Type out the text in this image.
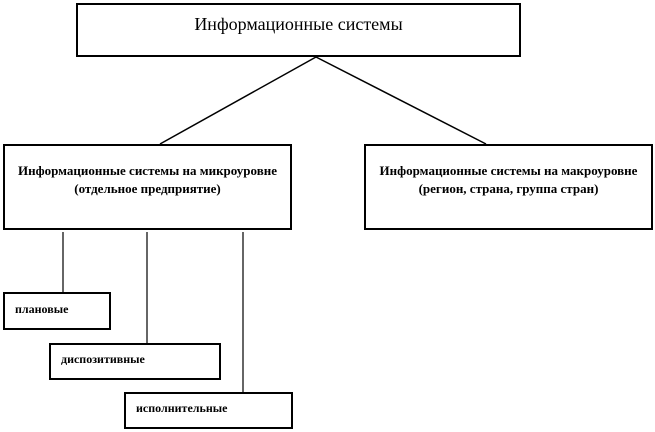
Информационные системы
Информационные системы на микроуровне (отдельное предприятие)
Информационные системы на макроуровне (регион, страна, группа стран)
плановые
диспозитивные
исполнительные
